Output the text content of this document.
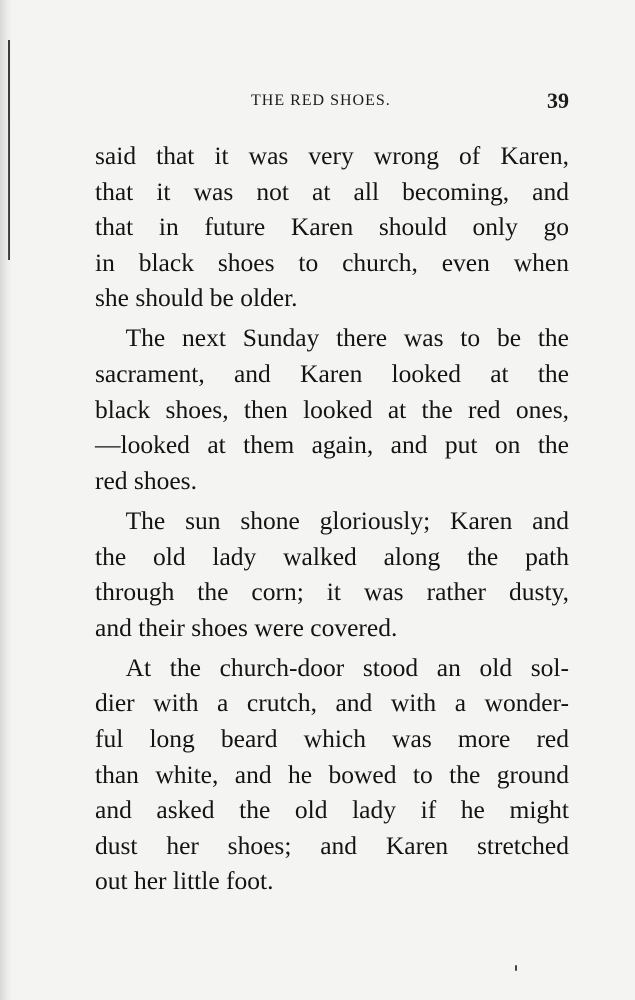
THE RED SHOES.	39

said that it was very wrong of Karen,
that it was not at all becoming, and
that in future Karen should only go
in black shoes to church, even when
she should be older.

The next Sunday there was to be the
sacrament, and Karen looked at the
black shoes, then looked at the red ones,
—looked at them again, and put on the
red shoes.

The sun shone gloriously; Karen and
the old lady walked along the path
through the corn; it was rather dusty,
and their shoes were covered.

At the church-door stood an old sol-
dier with a crutch, and with a wonder-
ful long beard which was more red
than white, and he bowed to the ground
and asked the old lady if he might
dust her shoes; and Karen stretched
out her little foot.
